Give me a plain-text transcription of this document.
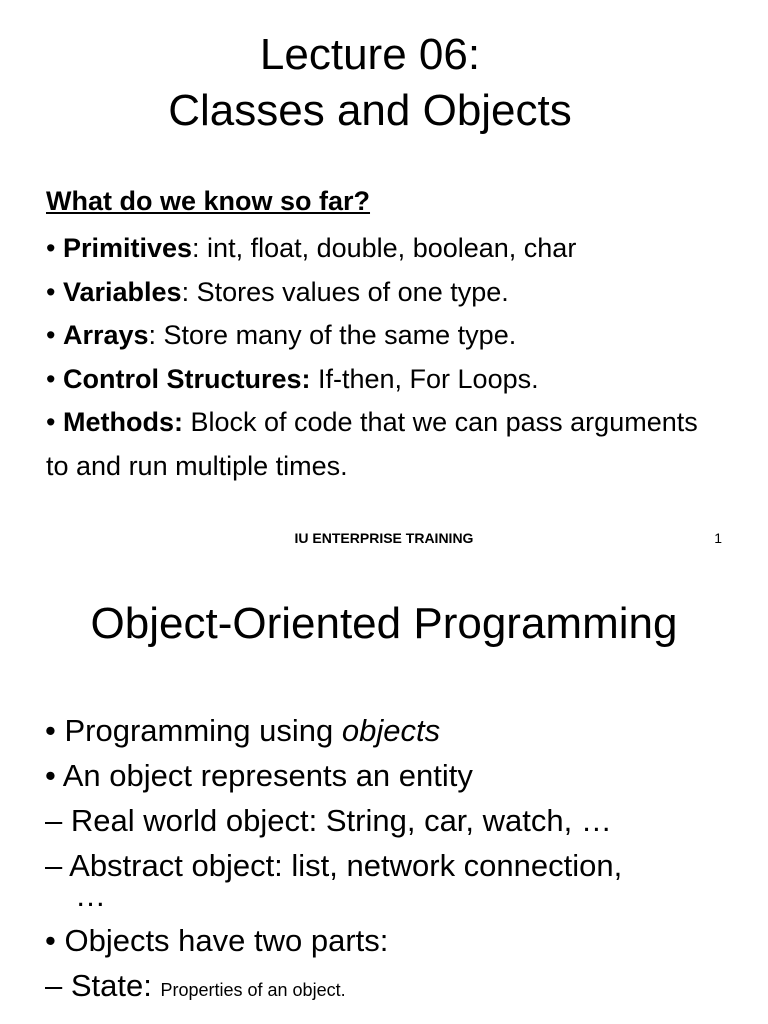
Lecture 06:
Classes and Objects
What do we know so far?
• Primitives: int, float, double, boolean, char
• Variables: Stores values of one type.
• Arrays: Store many of the same type.
• Control Structures: If-then, For Loops.
• Methods: Block of code that we can pass arguments to and run multiple times.
IU ENTERPRISE TRAINING	1
Object-Oriented Programming
• Programming using objects
• An object represents an entity
– Real world object: String, car, watch, …
– Abstract object: list, network connection,
…
• Objects have two parts:
– State: Properties of an object.
